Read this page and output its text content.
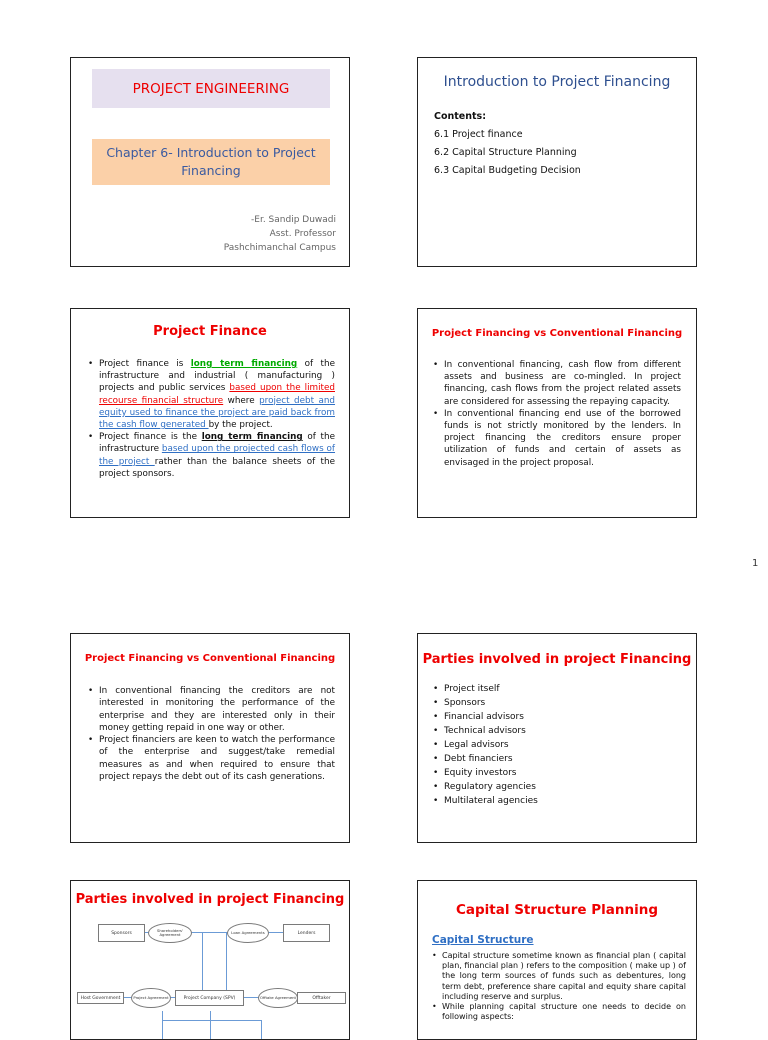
PROJECT ENGINEERING
Chapter 6- Introduction to Project Financing
-Er. Sandip Duwadi
Asst. Professor
Pashchimanchal Campus
Introduction to Project Financing
Contents:
6.1 Project finance
6.2 Capital Structure Planning
6.3 Capital Budgeting Decision
Project Finance
• Project finance is long term financing of the infrastructure and industrial ( manufacturing ) projects and public services based upon the limited recourse financial structure where project debt and equity used to finance the project are paid back from the cash flow generated by the project.
• Project finance is the long term financing of the infrastructure based upon the projected cash flows of the project rather than the balance sheets of the project sponsors.
Project Financing vs Conventional Financing
• In conventional financing, cash flow from different assets and business are co-mingled. In project financing, cash flows from the project related assets are considered for assessing the repaying capacity.
• In conventional financing end use of the borrowed funds is not strictly monitored by the lenders. In project financing the creditors ensure proper utilization of funds and certain of assets as envisaged in the project proposal.
1
Project Financing vs Conventional Financing
• In conventional financing the creditors are not interested in monitoring the performance of the enterprise and they are interested only in their money getting repaid in one way or other.
• Project financiers are keen to watch the performance of the enterprise and suggest/take remedial measures as and when required to ensure that project repays the debt out of its cash generations.
Parties involved in project Financing
• Project itself
• Sponsors
• Financial advisors
• Technical advisors
• Legal advisors
• Debt financiers
• Equity investors
• Regulatory agencies
• Multilateral agencies
Parties involved in project Financing
Sponsors
Shareholders' Agreement	Loan Agreements	Lenders
Host Government	Project Agreement	Project Company (SPV)	Offtake Agreement	Offtaker
Capital Structure Planning
Capital Structure
• Capital structure sometime known as financial plan ( capital plan, financial plan ) refers to the composition ( make up ) of the long term sources of funds such as debentures, long term debt, preference share capital and equity share capital including reserve and surplus.
• While planning capital structure one needs to decide on following aspects:
